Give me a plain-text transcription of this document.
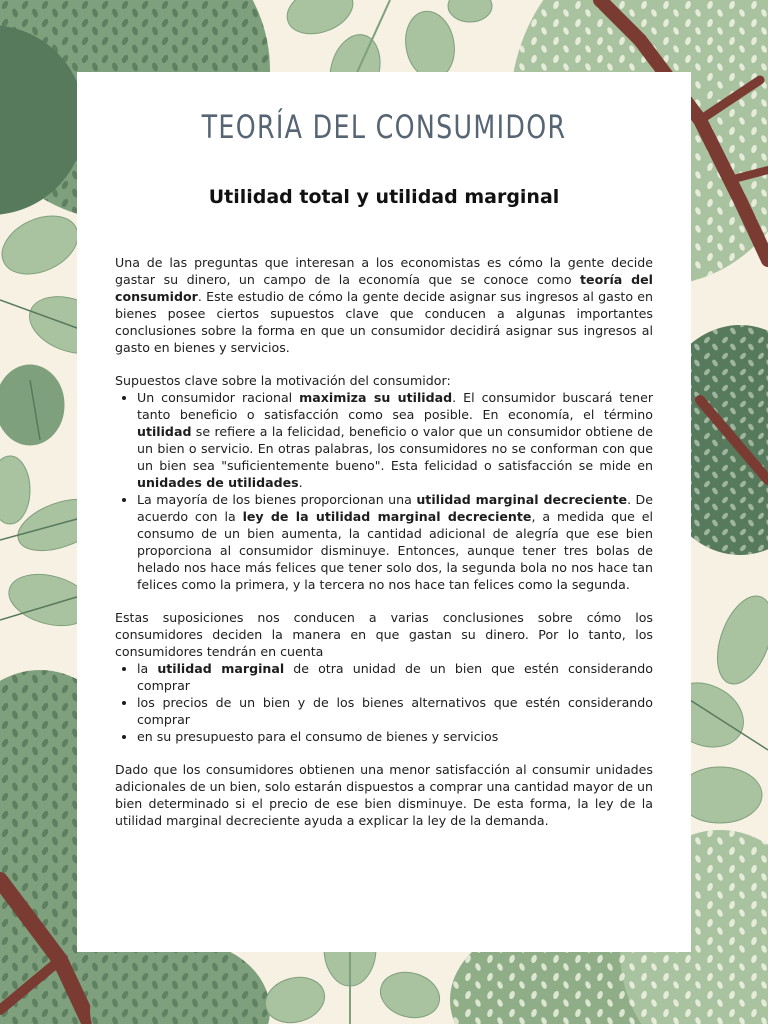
TEORÍA DEL CONSUMIDOR
Utilidad total y utilidad marginal

Una de las preguntas que interesan a los economistas es cómo la gente decide gastar su dinero, un campo de la economía que se conoce como teoría del consumidor. Este estudio de cómo la gente decide asignar sus ingresos al gasto en bienes posee ciertos supuestos clave que conducen a algunas importantes conclusiones sobre la forma en que un consumidor decidirá asignar sus ingresos al gasto en bienes y servicios.

Supuestos clave sobre la motivación del consumidor:

• Un consumidor racional maximiza su utilidad. El consumidor buscará tener tanto beneficio o satisfacción como sea posible. En economía, el término utilidad se refiere a la felicidad, beneficio o valor que un consumidor obtiene de un bien o servicio. En otras palabras, los consumidores no se conforman con que un bien sea "suficientemente bueno". Esta felicidad o satisfacción se mide en unidades de utilidades.
• La mayoría de los bienes proporcionan una utilidad marginal decreciente. De acuerdo con la ley de la utilidad marginal decreciente, a medida que el consumo de un bien aumenta, la cantidad adicional de alegría que ese bien proporciona al consumidor disminuye. Entonces, aunque tener tres bolas de helado nos hace más felices que tener solo dos, la segunda bola no nos hace tan felices como la primera, y la tercera no nos hace tan felices como la segunda.

Estas suposiciones nos conducen a varias conclusiones sobre cómo los consumidores deciden la manera en que gastan su dinero. Por lo tanto, los consumidores tendrán en cuenta

• la utilidad marginal de otra unidad de un bien que estén considerando comprar
• los precios de un bien y de los bienes alternativos que estén considerando comprar
• en su presupuesto para el consumo de bienes y servicios

Dado que los consumidores obtienen una menor satisfacción al consumir unidades adicionales de un bien, solo estarán dispuestos a comprar una cantidad mayor de un bien determinado si el precio de ese bien disminuye. De esta forma, la ley de la utilidad marginal decreciente ayuda a explicar la ley de la demanda.
